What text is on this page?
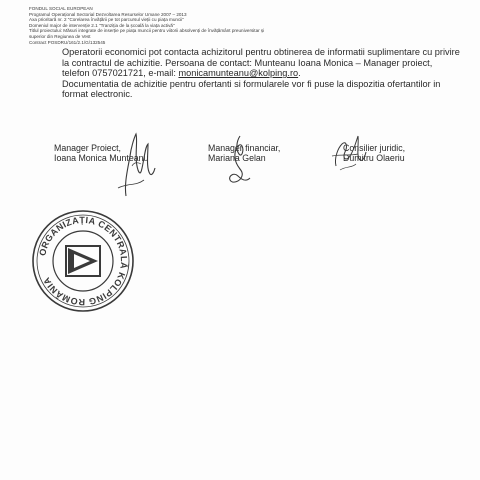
FONDUL SOCIAL EUROPEAN
Programul Operațional Sectorial Dezvoltarea Resurselor Umane 2007 – 2013
Axa prioritară nr. 2 "Corelarea învățării pe tot parcursul vieții cu piața muncii"
Domeniul major de intervenție 2.1 "Tranziția de la școală la viața activă"
Titlul proiectului: Măsuri integrate de inserție pe piața muncii pentru viitorii absolvenți de învățământ preuniversitar și
superior din Regiunea de Vest
Contract POSDRU/161/2.1/G/132545

Operatorii economici pot contacta achizitorul pentru obtinerea de informatii suplimentare cu privire la contractul de achizitie. Persoana de contact: Munteanu Ioana Monica – Manager proiect, telefon 0757021721, e-mail: monicamunteanu@kolping.ro.

Documentatia de achizitie pentru ofertanti si formularele vor fi puse la dispozitia ofertantilor in format electronic.

Manager Proiect,
Ioana Monica Munteanu
Manager financiar,
Mariana Gelan
Consilier juridic,
Dumitru Olaeriu
ORGANIZAȚIA CENTRALĂ KOLPING ROMÂNIA
